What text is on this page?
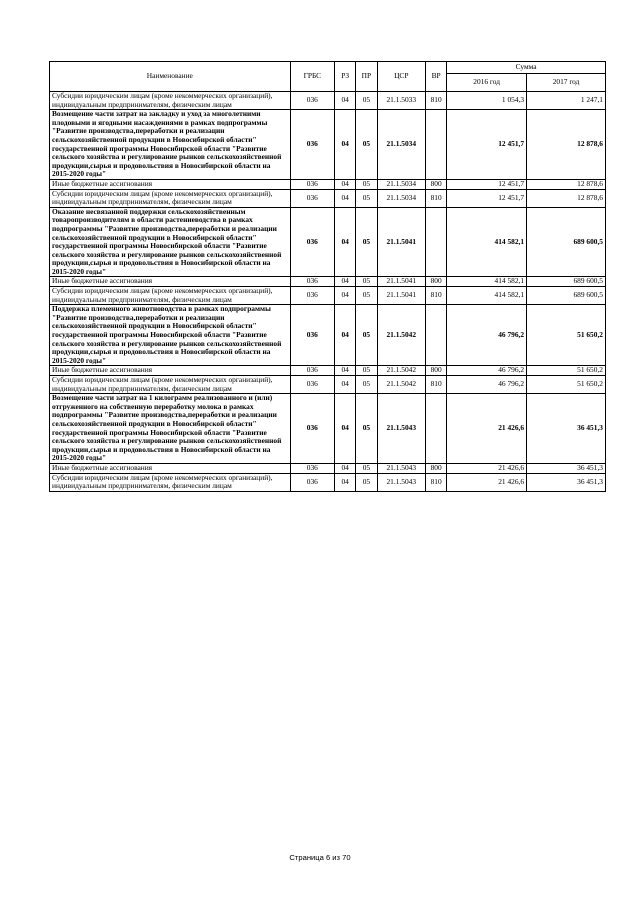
Наименование	ГРБС	РЗ	ПР	ЦСР	ВР	Сумма	
						2016 год	2017 год
Субсидии юридическим лицам (кроме некоммерческих организаций), индивидуальным предпринимателям, физическим лицам	036	04	05	21.1.5033	810	1 054,3	1 247,1
Возмещение части затрат на закладку и уход за многолетними плодовыми и ягодными насаждениями в рамках подпрограммы "Развитие производства,переработки и реализации сельскохозяйственной продукции в Новосибирской области" государственной программы Новосибирской области "Развитие сельского хозяйства и регулирование рынков сельскохозяйственной продукции,сырья и продовольствия в Новосибирской области на 2015-2020 годы"	036	04	05	21.1.5034		12 451,7	12 878,6
Иные бюджетные ассигнования	036	04	05	21.1.5034	800	12 451,7	12 878,6
Субсидии юридическим лицам (кроме некоммерческих организаций), индивидуальным предпринимателям, физическим лицам	036	04	05	21.1.5034	810	12 451,7	12 878,6
Оказание несвязанной поддержки сельскохозяйственным товаропроизводителям в области растениеводства в рамках подпрограммы "Развитие производства,переработки и реализации сельскохозяйственной продукции в Новосибирской области" государственной программы Новосибирской области "Развитие сельского хозяйства и регулирование рынков сельскохозяйственной продукции,сырья и продовольствия в Новосибирской области на 2015-2020 годы"	036	04	05	21.1.5041		414 582,1	689 600,5
Иные бюджетные ассигнования	036	04	05	21.1.5041	800	414 582,1	689 600,5
Субсидии юридическим лицам (кроме некоммерческих организаций), индивидуальным предпринимателям, физическим лицам	036	04	05	21.1.5041	810	414 582,1	689 600,5
Поддержка племенного животноводства в рамках подпрограммы "Развитие производства,переработки и реализации сельскохозяйственной продукции в Новосибирской области" государственной программы Новосибирской области "Развитие сельского хозяйства и регулирование рынков сельскохозяйственной продукции,сырья и продовольствия в Новосибирской области на 2015-2020 годы"	036	04	05	21.1.5042		46 796,2	51 650,2
Иные бюджетные ассигнования	036	04	05	21.1.5042	800	46 796,2	51 650,2
Субсидии юридическим лицам (кроме некоммерческих организаций), индивидуальным предпринимателям, физическим лицам	036	04	05	21.1.5042	810	46 796,2	51 650,2
Возмещение части затрат на 1 килограмм реализованного и (или) отгруженного на собственную переработку молока в рамках подпрограммы "Развитие производства,переработки и реализации сельскохозяйственной продукции в Новосибирской области" государственной программы Новосибирской области "Развитие сельского хозяйства и регулирование рынков сельскохозяйственной продукции,сырья и продовольствия в Новосибирской области на 2015-2020 годы"	036	04	05	21.1.5043		21 426,6	36 451,3
Иные бюджетные ассигнования	036	04	05	21.1.5043	800	21 426,6	36 451,3
Субсидии юридическим лицам (кроме некоммерческих организаций), индивидуальным предпринимателям, физическим лицам	036	04	05	21.1.5043	810	21 426,6	36 451,3
Страница 6 из 70
